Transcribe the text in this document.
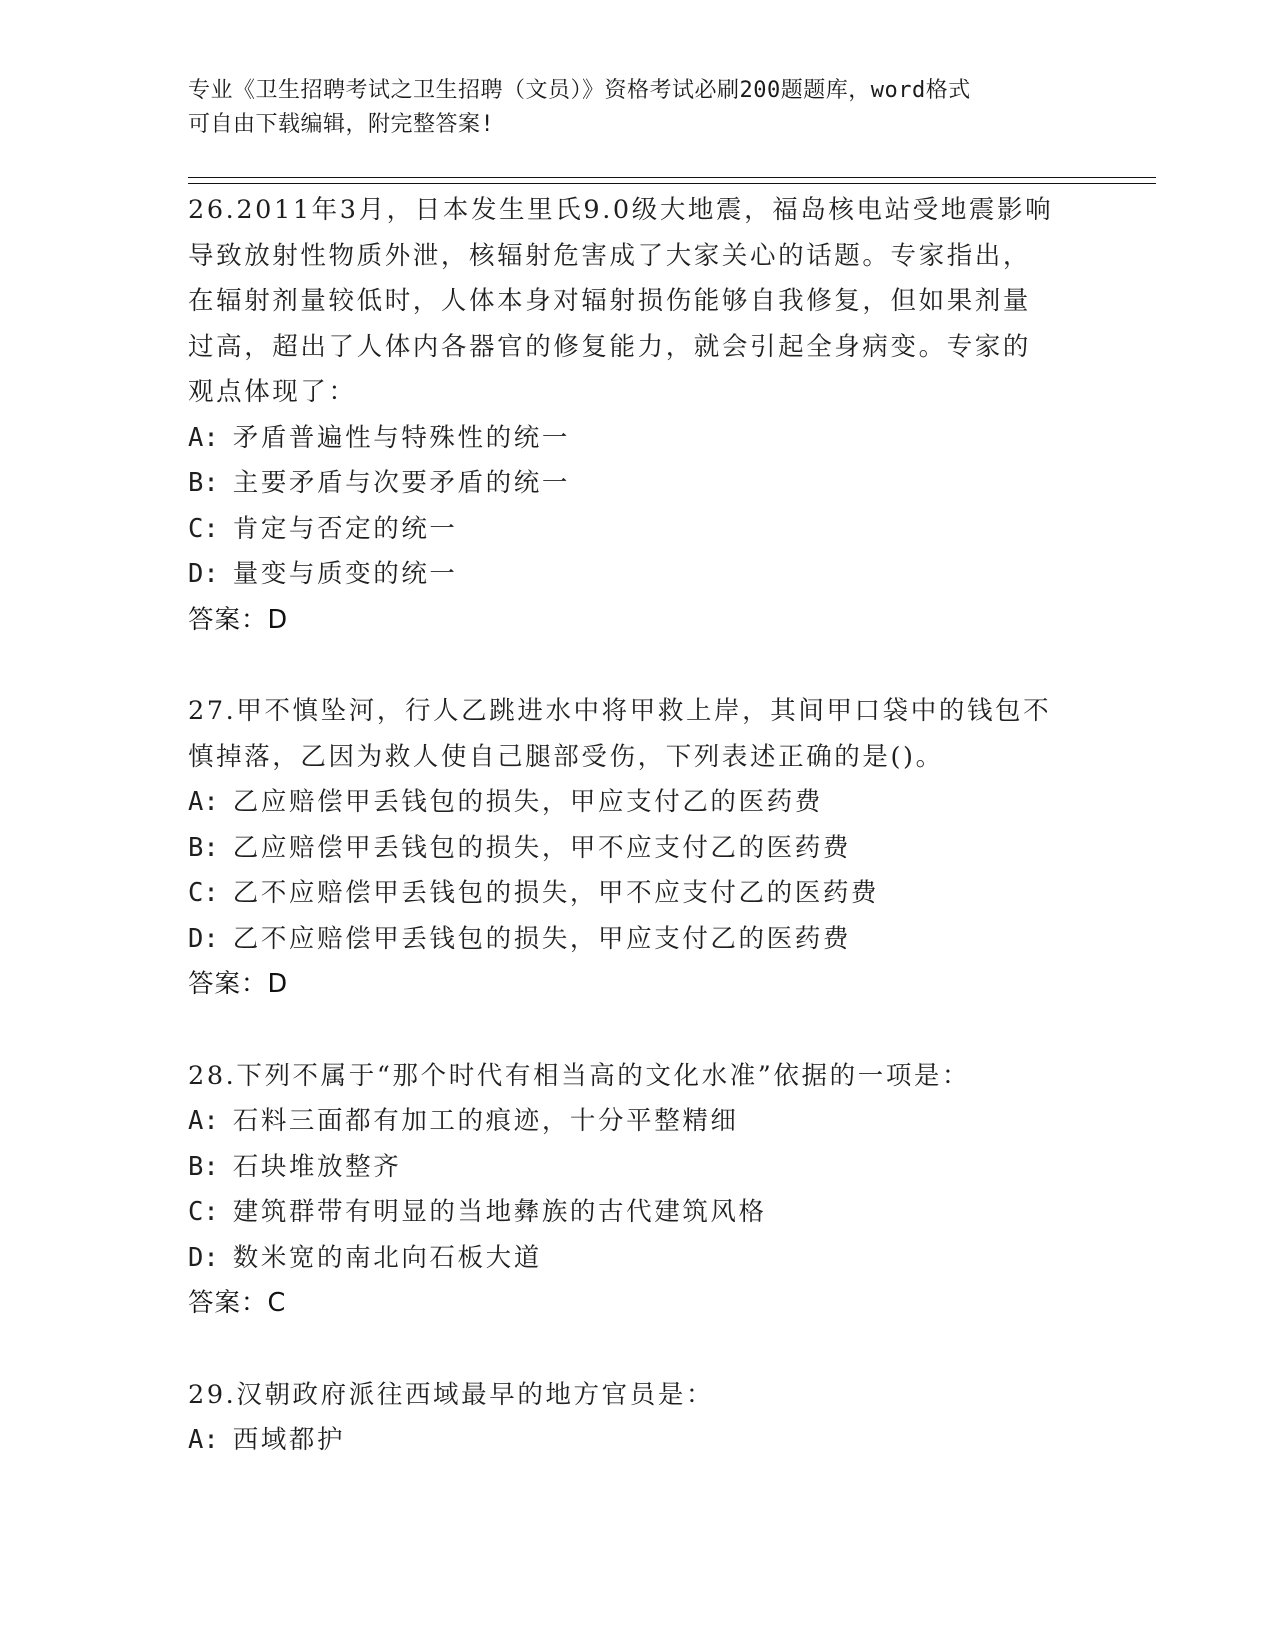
专业《卫生招聘考试之卫生招聘（文员）》资格考试必刷200题题库，word格式
可自由下载编辑，附完整答案!
26.2011年3月，日本发生里氏9.0级大地震，福岛核电站受地震影响
导致放射性物质外泄，核辐射危害成了大家关心的话题。专家指出，
在辐射剂量较低时，人体本身对辐射损伤能够自我修复，但如果剂量
过高，超出了人体内各器官的修复能力，就会引起全身病变。专家的
观点体现了：
A: 矛盾普遍性与特殊性的统一
B: 主要矛盾与次要矛盾的统一
C: 肯定与否定的统一
D: 量变与质变的统一
答案：D
27.甲不慎坠河，行人乙跳进水中将甲救上岸，其间甲口袋中的钱包不
慎掉落，乙因为救人使自己腿部受伤，下列表述正确的是()。
A: 乙应赔偿甲丢钱包的损失，甲应支付乙的医药费
B: 乙应赔偿甲丢钱包的损失，甲不应支付乙的医药费
C: 乙不应赔偿甲丢钱包的损失，甲不应支付乙的医药费
D: 乙不应赔偿甲丢钱包的损失，甲应支付乙的医药费
答案：D
28.下列不属于“那个时代有相当高的文化水准”依据的一项是：
A: 石料三面都有加工的痕迹，十分平整精细
B: 石块堆放整齐
C: 建筑群带有明显的当地彝族的古代建筑风格
D: 数米宽的南北向石板大道
答案：C
29.汉朝政府派往西域最早的地方官员是：
A: 西域都护
